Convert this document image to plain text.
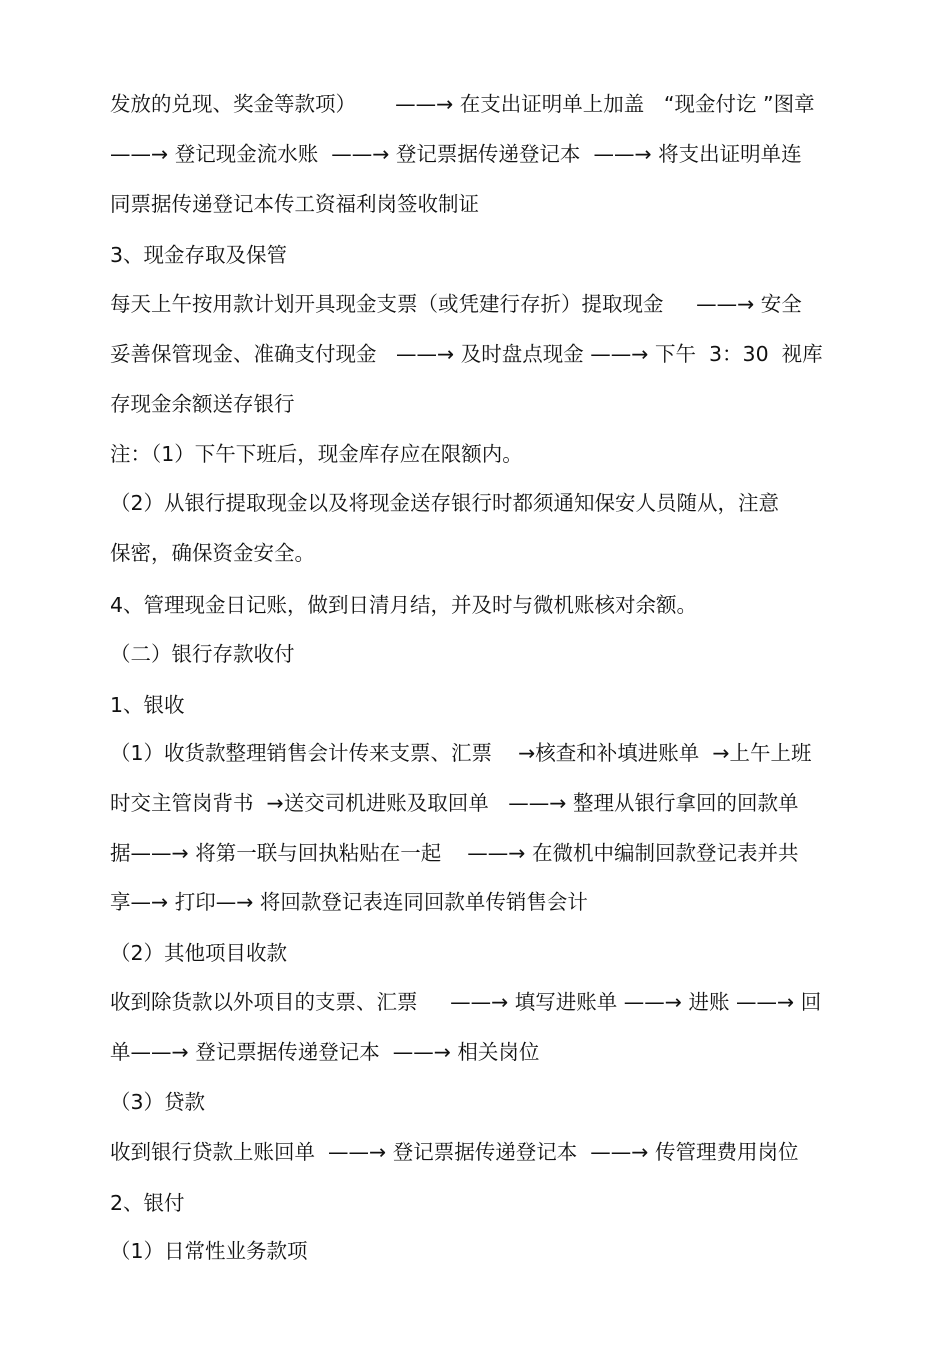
发放的兑现、奖金等款项）      ——→ 在支出证明单上加盖   “现金付讫 ”图章
——→ 登记现金流水账  ——→ 登记票据传递登记本  ——→ 将支出证明单连
同票据传递登记本传工资福利岗签收制证
3、现金存取及保管
每天上午按用款计划开具现金支票（或凭建行存折）提取现金     ——→ 安全
妥善保管现金、准确支付现金   ——→ 及时盘点现金 ——→ 下午  3：30  视库
存现金余额送存银行
注：（1）下午下班后，现金库存应在限额内。
（2）从银行提取现金以及将现金送存银行时都须通知保安人员随从，注意
保密，确保资金安全。
4、管理现金日记账，做到日清月结，并及时与微机账核对余额。
（二）银行存款收付
1、银收
（1）收货款整理销售会计传来支票、汇票    →核查和补填进账单  →上午上班
时交主管岗背书  →送交司机进账及取回单   ——→ 整理从银行拿回的回款单
据——→ 将第一联与回执粘贴在一起    ——→ 在微机中编制回款登记表并共
享—→ 打印—→ 将回款登记表连同回款单传销售会计
（2）其他项目收款
收到除货款以外项目的支票、汇票     ——→ 填写进账单 ——→ 进账 ——→ 回
单——→ 登记票据传递登记本  ——→ 相关岗位
（3）贷款
收到银行贷款上账回单  ——→ 登记票据传递登记本  ——→ 传管理费用岗位
2、银付
（1）日常性业务款项
